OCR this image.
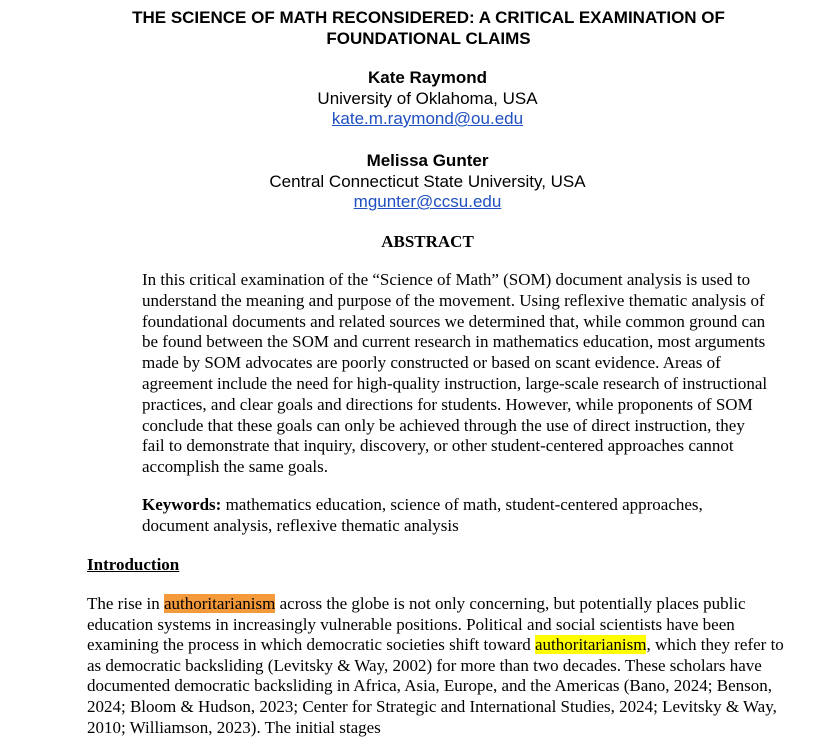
THE SCIENCE OF MATH RECONSIDERED: A CRITICAL EXAMINATION OF
FOUNDATIONAL CLAIMS
Kate Raymond
University of Oklahoma, USA
kate.m.raymond@ou.edu
Melissa Gunter
Central Connecticut State University, USA
mgunter@ccsu.edu
ABSTRACT

In this critical examination of the “Science of Math” (SOM) document analysis is used to understand the meaning and purpose of the movement. Using reflexive thematic analysis of foundational documents and related sources we determined that, while common ground can be found between the SOM and current research in mathematics education, most arguments made by SOM advocates are poorly constructed or based on scant evidence. Areas of agreement include the need for high-quality instruction, large-scale research of instructional practices, and clear goals and directions for students. However, while proponents of SOM conclude that these goals can only be achieved through the use of direct instruction, they fail to demonstrate that inquiry, discovery, or other student-centered approaches cannot accomplish the same goals.

Keywords: mathematics education, science of math, student-centered approaches, document analysis, reflexive thematic analysis

Introduction

The rise in authoritarianism across the globe is not only concerning, but potentially places public education systems in increasingly vulnerable positions. Political and social scientists have been examining the process in which democratic societies shift toward authoritarianism, which they refer to as democratic backsliding (Levitsky & Way, 2002) for more than two decades. These scholars have documented democratic backsliding in Africa, Asia, Europe, and the Americas (Bano, 2024; Benson, 2024; Bloom & Hudson, 2023; Center for Strategic and International Studies, 2024; Levitsky & Way, 2010; Williamson, 2023). The initial stages
